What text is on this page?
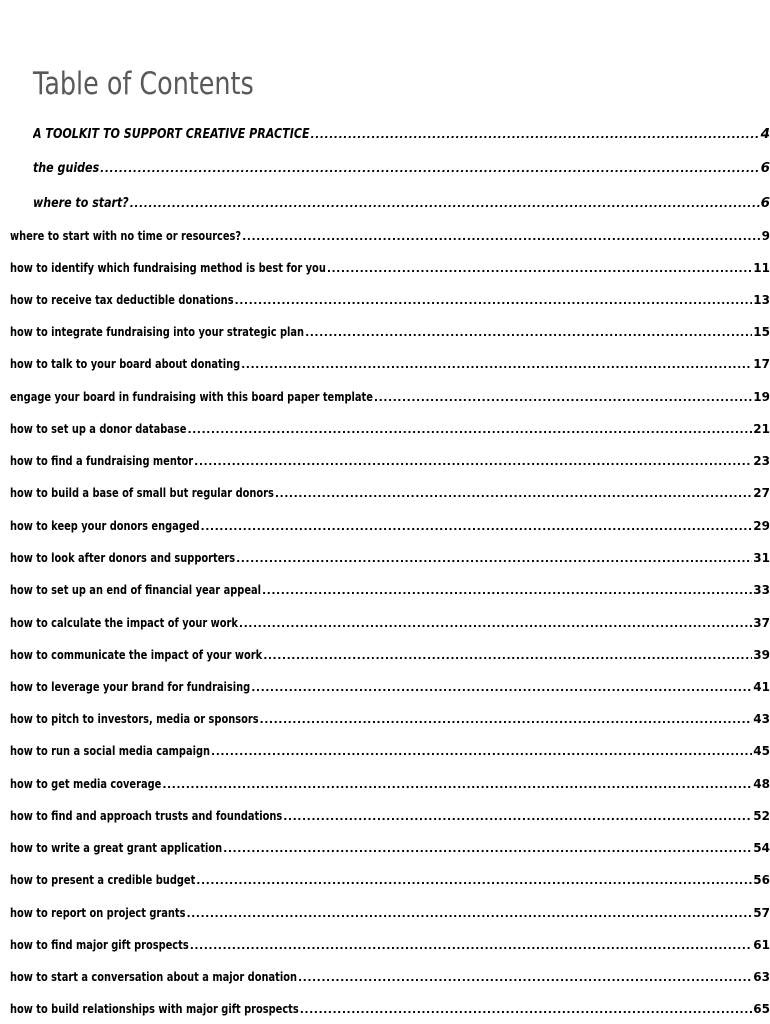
Table of Contents
A TOOLKIT TO SUPPORT CREATIVE PRACTICE .....	4
the guides .....	6
where to start? .....	6
where to start with no time or resources? .....	9
how to identify which fundraising method is best for you .....	11
how to receive tax deductible donations .....	13
how to integrate fundraising into your strategic plan .....	15
how to talk to your board about donating .....	17
engage your board in fundraising with this board paper template .....	19
how to set up a donor database .....	21
how to find a fundraising mentor .....	23
how to build a base of small but regular donors .....	27
how to keep your donors engaged .....	29
how to look after donors and supporters .....	31
how to set up an end of financial year appeal .....	33
how to calculate the impact of your work .....	37
how to communicate the impact of your work .....	39
how to leverage your brand for fundraising .....	41
how to pitch to investors, media or sponsors .....	43
how to run a social media campaign .....	45
how to get media coverage .....	48
how to find and approach trusts and foundations .....	52
how to write a great grant application .....	54
how to present a credible budget .....	56
how to report on project grants .....	57
how to find major gift prospects .....	61
how to start a conversation about a major donation .....	63
how to build relationships with major gift prospects .....	65
